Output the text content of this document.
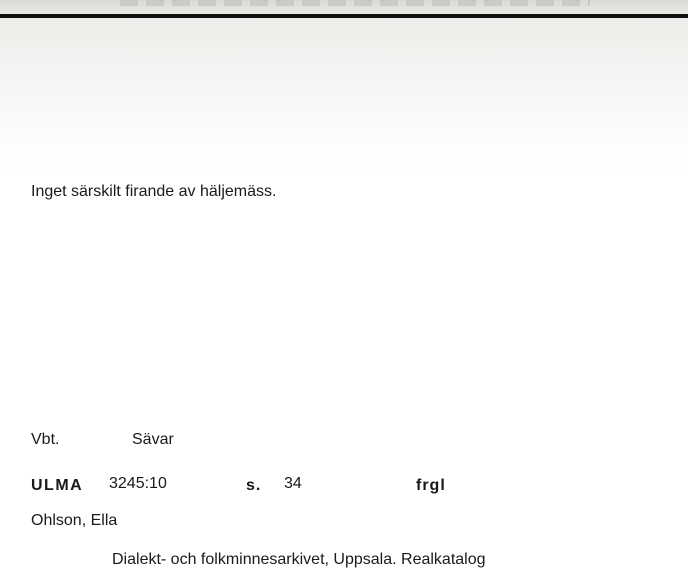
Inget särskilt firande av häljemäss.
Vbt.	Sävar
ULMA 3245:10	s. 34	frgl
Ohlson, Ella
Dialekt- och folkminnesarkivet, Uppsala. Realkatalog
